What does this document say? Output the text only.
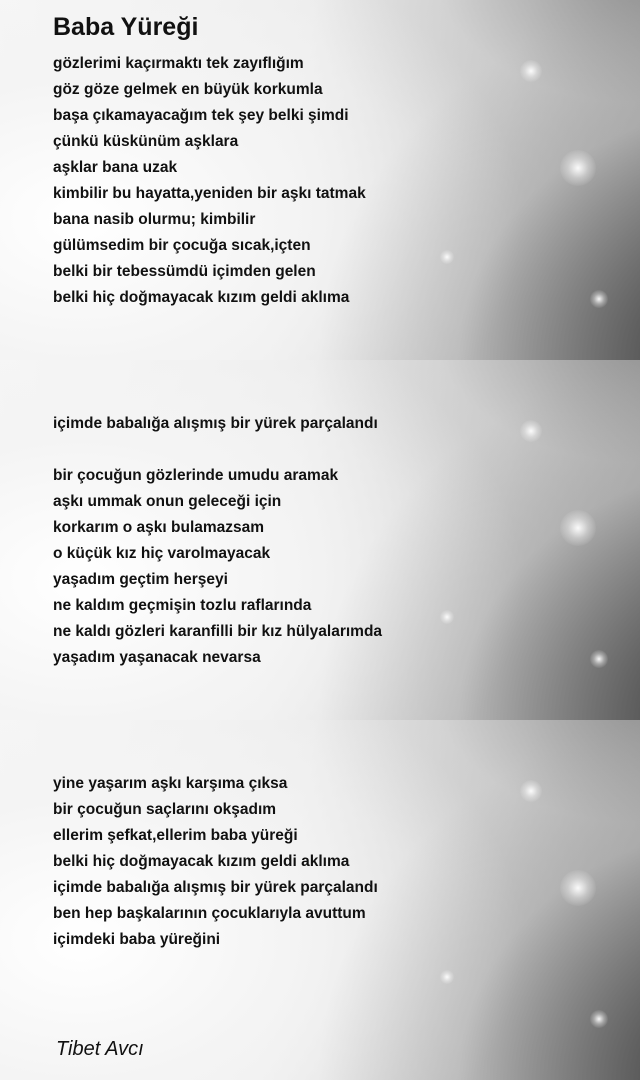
Baba Yüreği
gözlerimi kaçırmaktı tek zayıflığım
göz göze gelmek en büyük korkumla
başa çıkamayacağım tek şey belki şimdi
çünkü küskünüm aşklara
aşklar bana uzak
kimbilir bu hayatta,yeniden bir aşkı tatmak
bana nasib olurmu; kimbilir
gülümsedim bir çocuğa sıcak,içten
belki bir tebessümdü içimden gelen
belki hiç doğmayacak kızım geldi aklıma
içimde babalığa alışmış bir yürek parçalandı
bir çocuğun gözlerinde umudu aramak
aşkı ummak onun geleceği için
korkarım o aşkı bulamazsam
o küçük kız hiç varolmayacak
yaşadım geçtim herşeyi
ne kaldım geçmişin tozlu raflarında
ne kaldı gözleri karanfilli bir kız hülyalarımda
yaşadım yaşanacak nevarsa
yine yaşarım aşkı karşıma çıksa
bir çocuğun saçlarını okşadım
ellerim şefkat,ellerim baba yüreği
belki hiç doğmayacak kızım geldi aklıma
içimde babalığa alışmış bir yürek parçalandı
ben hep başkalarının çocuklarıyla avuttum
içimdeki baba yüreğini
Tibet Avcı
